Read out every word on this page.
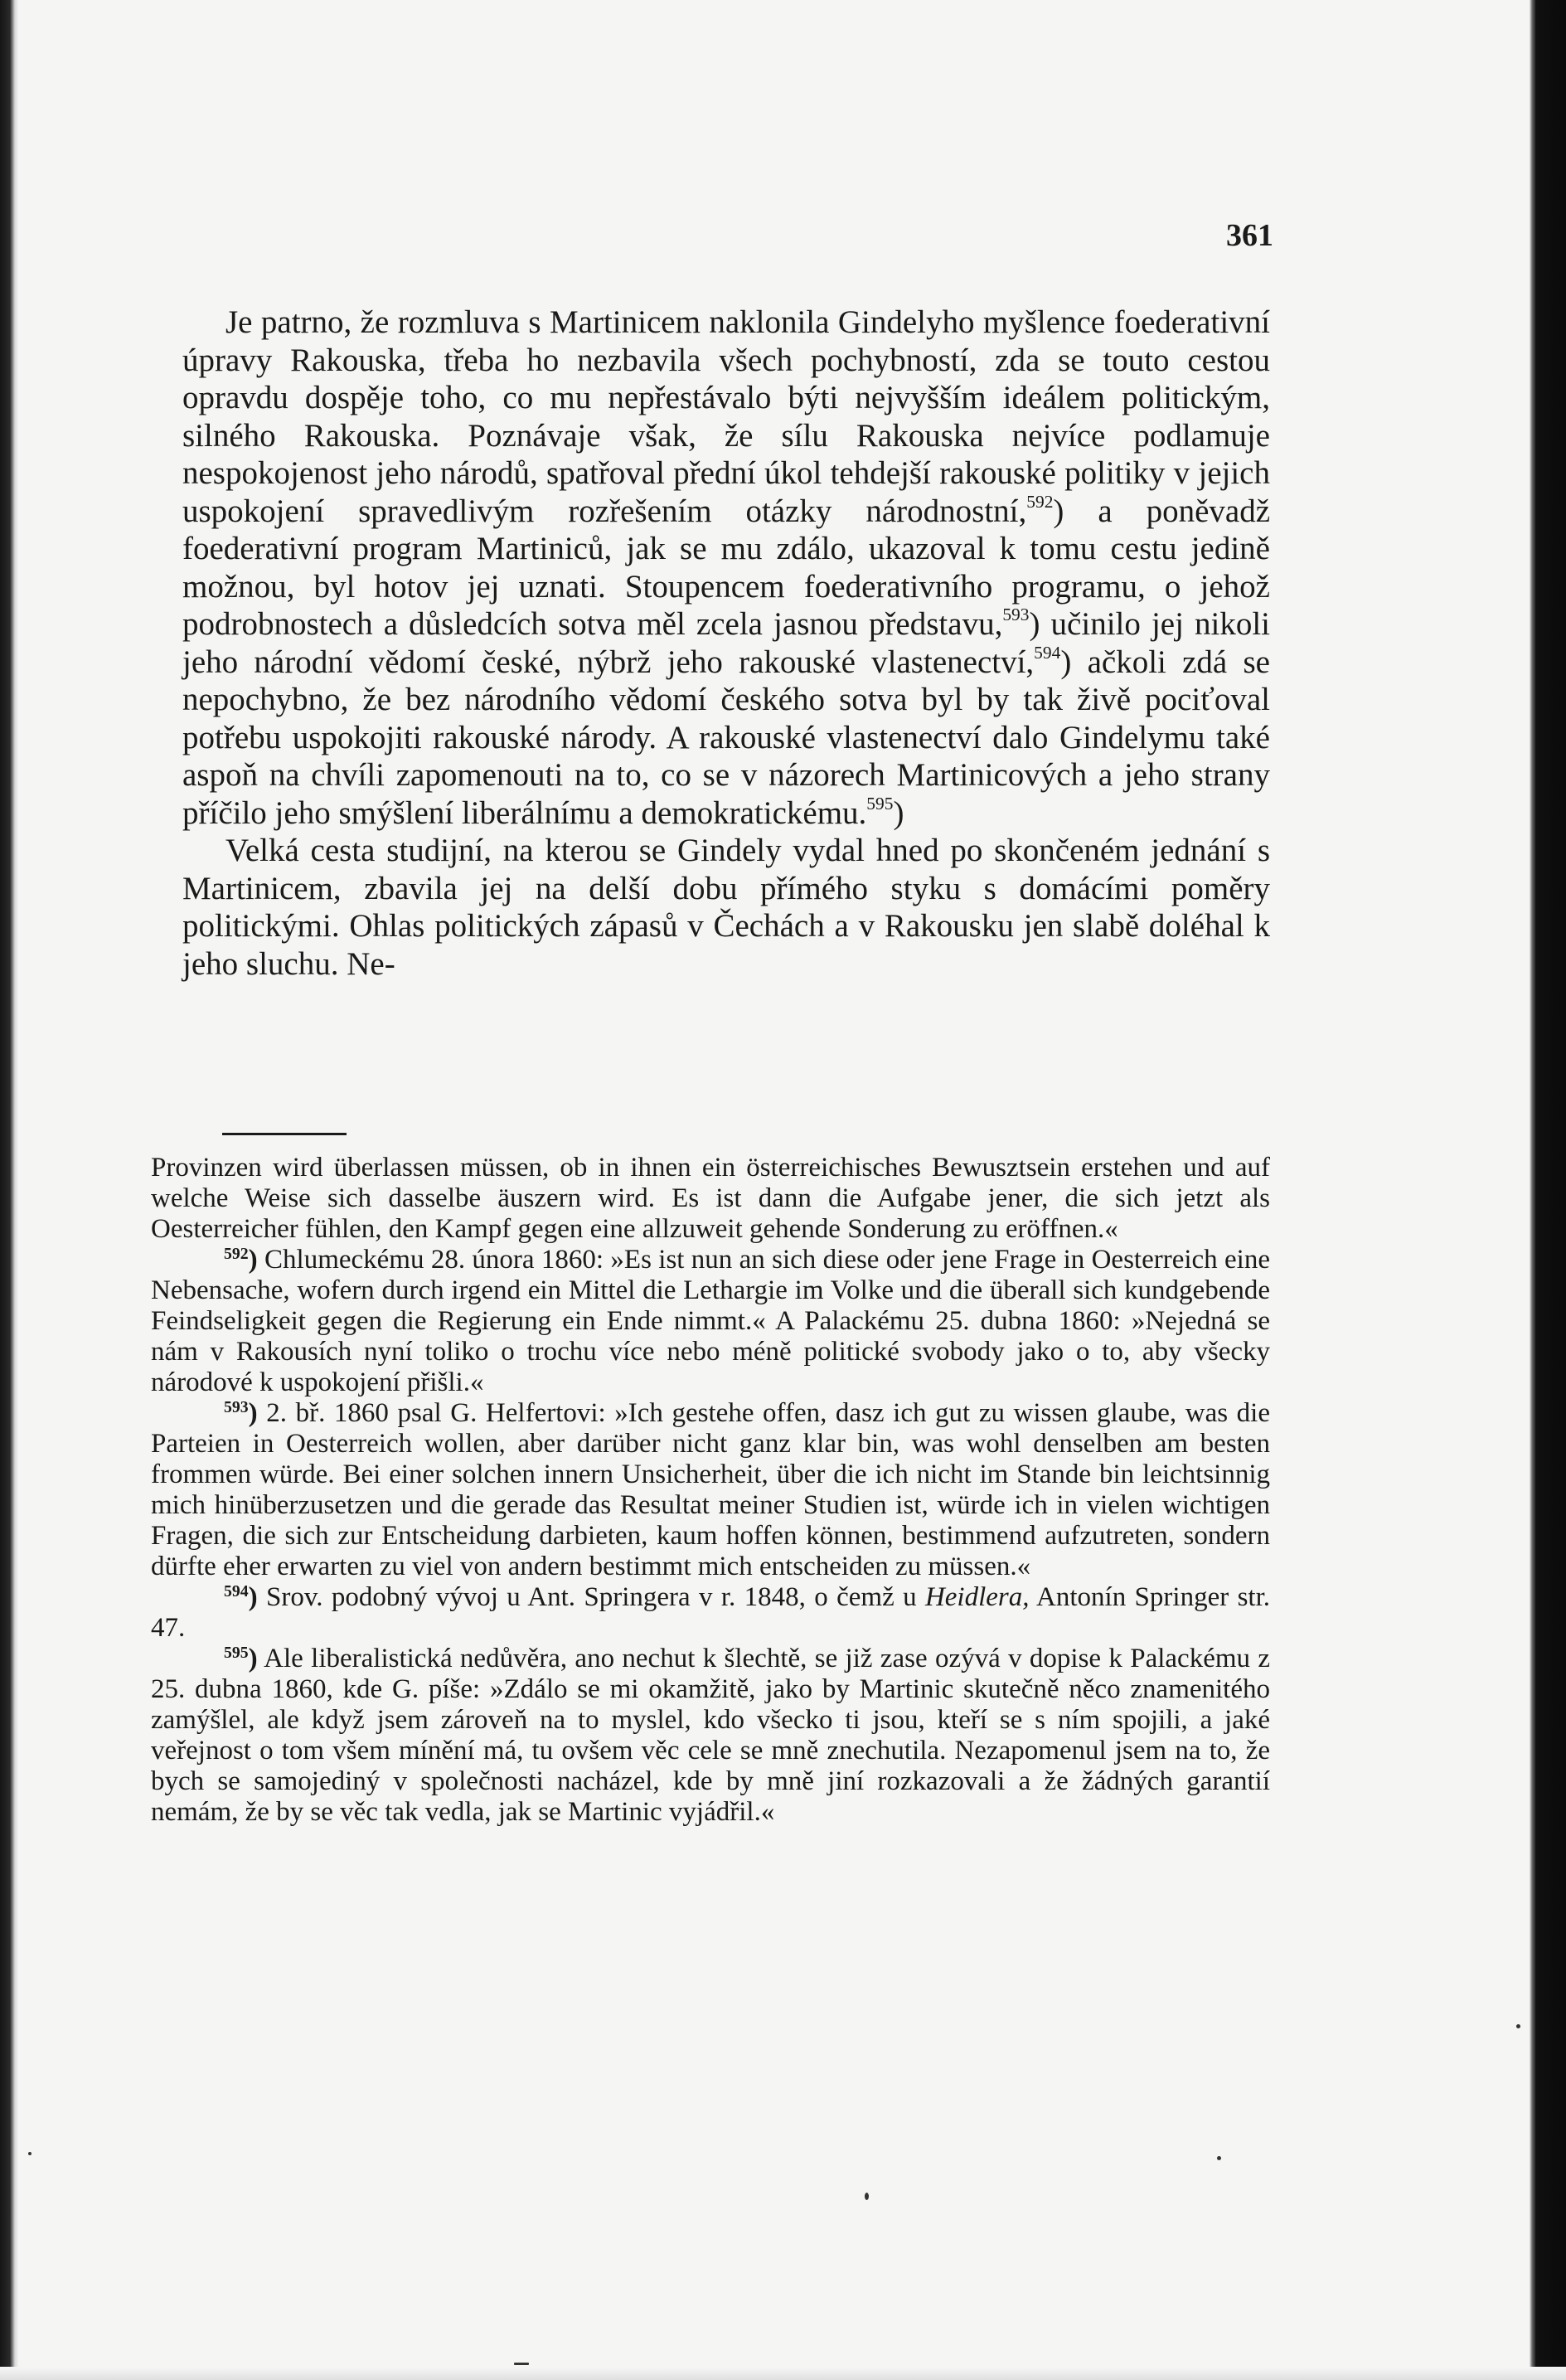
361

Je patrno, že rozmluva s Martinicem naklonila Gindelyho myšlence foederativní úpravy Rakouska, třeba ho nezbavila všech pochybností, zda se touto cestou opravdu dospěje toho, co mu nepřestávalo býti nejvyšším ideálem politickým, silného Rakouska. Poznávaje však, že sílu Rakouska nejvíce podlamuje nespokojenost jeho národů, spatřoval přední úkol tehdejší rakouské politiky v jejich uspokojení spravedlivým rozřešením otázky národnostní,$^{592}$) a poněvadž foederativní program Martiniců, jak se mu zdálo, ukazoval k tomu cestu jedině možnou, byl hotov jej uznati. Stoupencem foederativního programu, o jehož podrobnostech a důsledcích sotva měl zcela jasnou představu,$^{593}$) učinilo jej nikoli jeho národní vědomí české, nýbrž jeho rakouské vlastenectví,$^{594}$) ačkoli zdá se nepochybno, že bez národního vědomí českého sotva byl by tak živě pociťoval potřebu uspokojiti rakouské národy. A rakouské vlastenectví dalo Gindelymu také aspoň na chvíli zapomenouti na to, co se v názorech Martinicových a jeho strany příčilo jeho smýšlení liberálnímu a demokratickému.$^{595}$)

Velká cesta studijní, na kterou se Gindely vydal hned po skončeném jednání s Martinicem, zbavila jej na delší dobu přímého styku s domácími poměry politickými. Ohlas politických zápasů v Čechách a v Rakousku jen slabě doléhal k jeho sluchu. Ne-

Provinzen wird überlassen müssen, ob in ihnen ein österreichisches Bewusztsein erstehen und auf welche Weise sich dasselbe äuszern wird. Es ist dann die Aufgabe jener, die sich jetzt als Oesterreicher fühlen, den Kampf gegen eine allzuweit gehende Sonderung zu eröffnen.«

$^{592}$) Chlumeckému 28. února 1860: »Es ist nun an sich diese oder jene Frage in Oesterreich eine Nebensache, wofern durch irgend ein Mittel die Lethargie im Volke und die überall sich kundgebende Feindseligkeit gegen die Regierung ein Ende nimmt.« A Palackému 25. dubna 1860: »Nejedná se nám v Rakousích nyní toliko o trochu více nebo méně politické svobody jako o to, aby všecky národové k uspokojení přišli.«

$^{593}$) 2. bř. 1860 psal G. Helfertovi: »Ich gestehe offen, dasz ich gut zu wissen glaube, was die Parteien in Oesterreich wollen, aber darüber nicht ganz klar bin, was wohl denselben am besten frommen würde. Bei einer solchen innern Unsicherheit, über die ich nicht im Stande bin leichtsinnig mich hinüberzusetzen und die gerade das Resultat meiner Studien ist, würde ich in vielen wichtigen Fragen, die sich zur Entscheidung darbieten, kaum hoffen können, bestimmend aufzutreten, sondern dürfte eher erwarten zu viel von andern bestimmt mich entscheiden zu müssen.«

$^{594}$) Srov. podobný vývoj u Ant. Springera v r. 1848, o čemž u Heidlera, Antonín Springer str. 47.

$^{595}$) Ale liberalistická nedůvěra, ano nechut k šlechtě, se již zase ozývá v dopise k Palackému z 25. dubna 1860, kde G. píše: »Zdálo se mi okamžitě, jako by Martinic skutečně něco znamenitého zamýšlel, ale když jsem zároveň na to myslel, kdo všecko ti jsou, kteří se s ním spojili, a jaké veřejnost o tom všem mínění má, tu ovšem věc cele se mně znechutila. Nezapomenul jsem na to, že bych se samojediný v společnosti nacházel, kde by mně jiní rozkazovali a že žádných garantií nemám, že by se věc tak vedla, jak se Martinic vyjádřil.«
